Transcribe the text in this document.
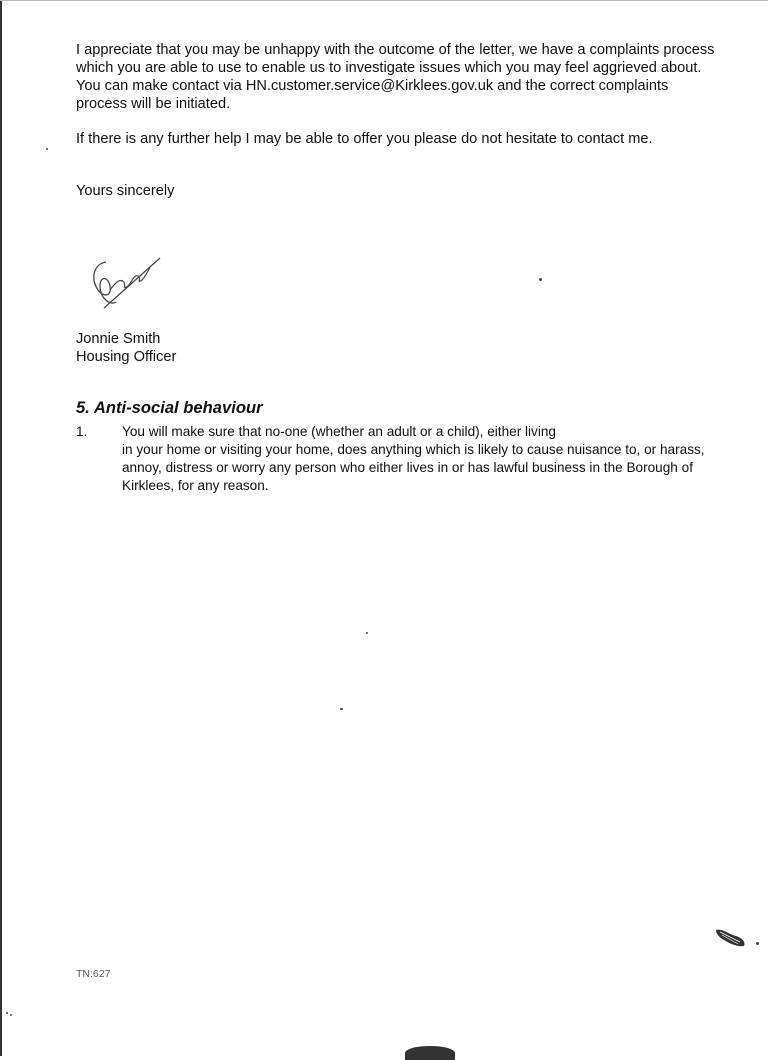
I appreciate that you may be unhappy with the outcome of the letter, we have a complaints process which you are able to use to enable us to investigate issues which you may feel aggrieved about. You can make contact via HN.customer.service@Kirklees.gov.uk and the correct complaints process will be initiated.

If there is any further help I may be able to offer you please do not hesitate to contact me.

Yours sincerely

Jonnie Smith

Housing Officer

5. Anti-social behaviour
1.	You will make sure that no-one (whether an adult or a child), either living
in your home or visiting your home, does anything which is likely to cause nuisance to, or harass, annoy, distress or worry any person who either lives in or has lawful business in the Borough of Kirklees, for any reason.

TN:627
